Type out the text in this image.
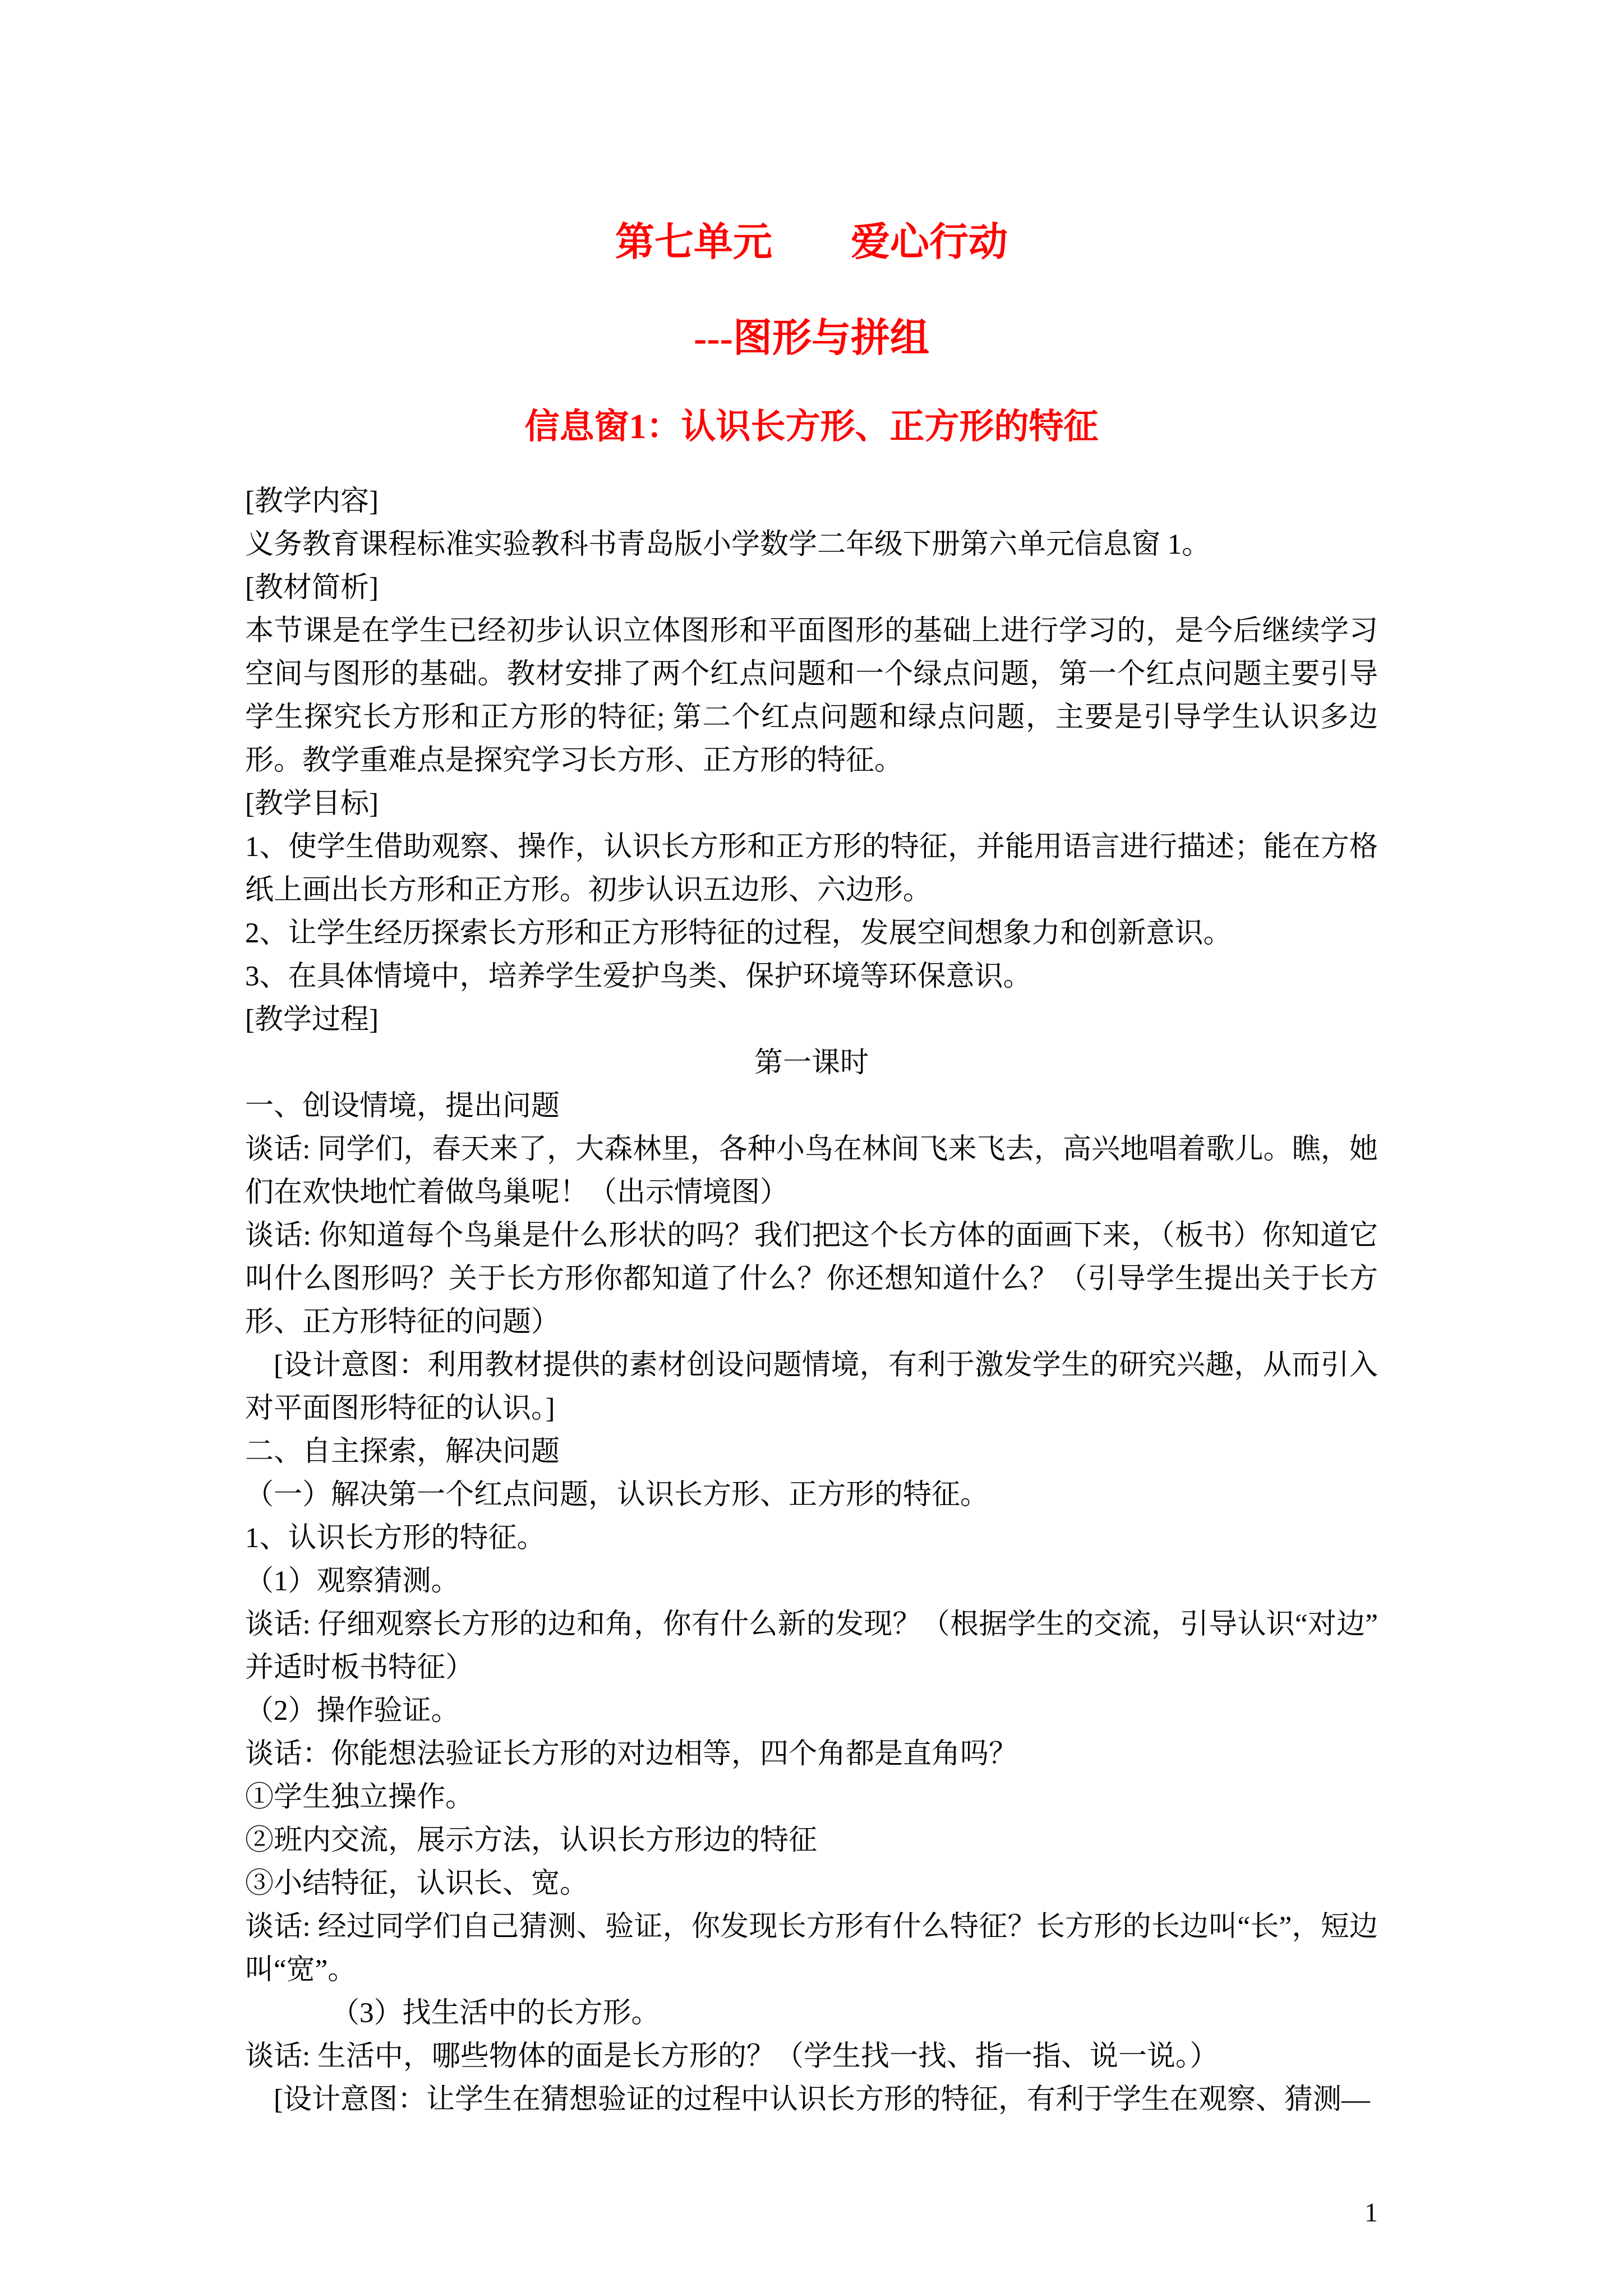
第七单元        爱心行动
---图形与拼组
信息窗1：认识长方形、正方形的特征

[教学内容]

义务教育课程标准实验教科书青岛版小学数学二年级下册第六单元信息窗 1。

[教材简析]

本节课是在学生已经初步认识立体图形和平面图形的基础上进行学习的，是今后继续学习空间与图形的基础。教材安排了两个红点问题和一个绿点问题，第一个红点问题主要引导学生探究长方形和正方形的特征; 第二个红点问题和绿点问题，主要是引导学生认识多边形。教学重难点是探究学习长方形、正方形的特征。

[教学目标]

1、使学生借助观察、操作，认识长方形和正方形的特征，并能用语言进行描述；能在方格纸上画出长方形和正方形。初步认识五边形、六边形。

2、让学生经历探索长方形和正方形特征的过程，发展空间想象力和创新意识。

3、在具体情境中，培养学生爱护鸟类、保护环境等环保意识。

[教学过程]

第一课时

一、创设情境，提出问题

谈话: 同学们，春天来了，大森林里，各种小鸟在林间飞来飞去，高兴地唱着歌儿。瞧，她们在欢快地忙着做鸟巢呢！（出示情境图）

谈话: 你知道每个鸟巢是什么形状的吗？我们把这个长方体的面画下来，（板书）你知道它叫什么图形吗？关于长方形你都知道了什么？你还想知道什么？（引导学生提出关于长方形、正方形特征的问题）

[设计意图：利用教材提供的素材创设问题情境，有利于激发学生的研究兴趣，从而引入对平面图形特征的认识。]

二、自主探索，解决问题

（一）解决第一个红点问题，认识长方形、正方形的特征。

1、认识长方形的特征。

（1）观察猜测。

谈话: 仔细观察长方形的边和角，你有什么新的发现？（根据学生的交流，引导认识“对边”  并适时板书特征）

（2）操作验证。

谈话：你能想法验证长方形的对边相等，四个角都是直角吗？

①学生独立操作。

②班内交流，展示方法，认识长方形边的特征

③小结特征，认识长、宽。

谈话: 经过同学们自己猜测、验证，你发现长方形有什么特征？长方形的长边叫“长”，短边叫“宽”。

（3）找生活中的长方形。

谈话: 生活中，哪些物体的面是长方形的？（学生找一找、指一指、说一说。）

[设计意图：让学生在猜想验证的过程中认识长方形的特征，有利于学生在观察、猜测—

1
